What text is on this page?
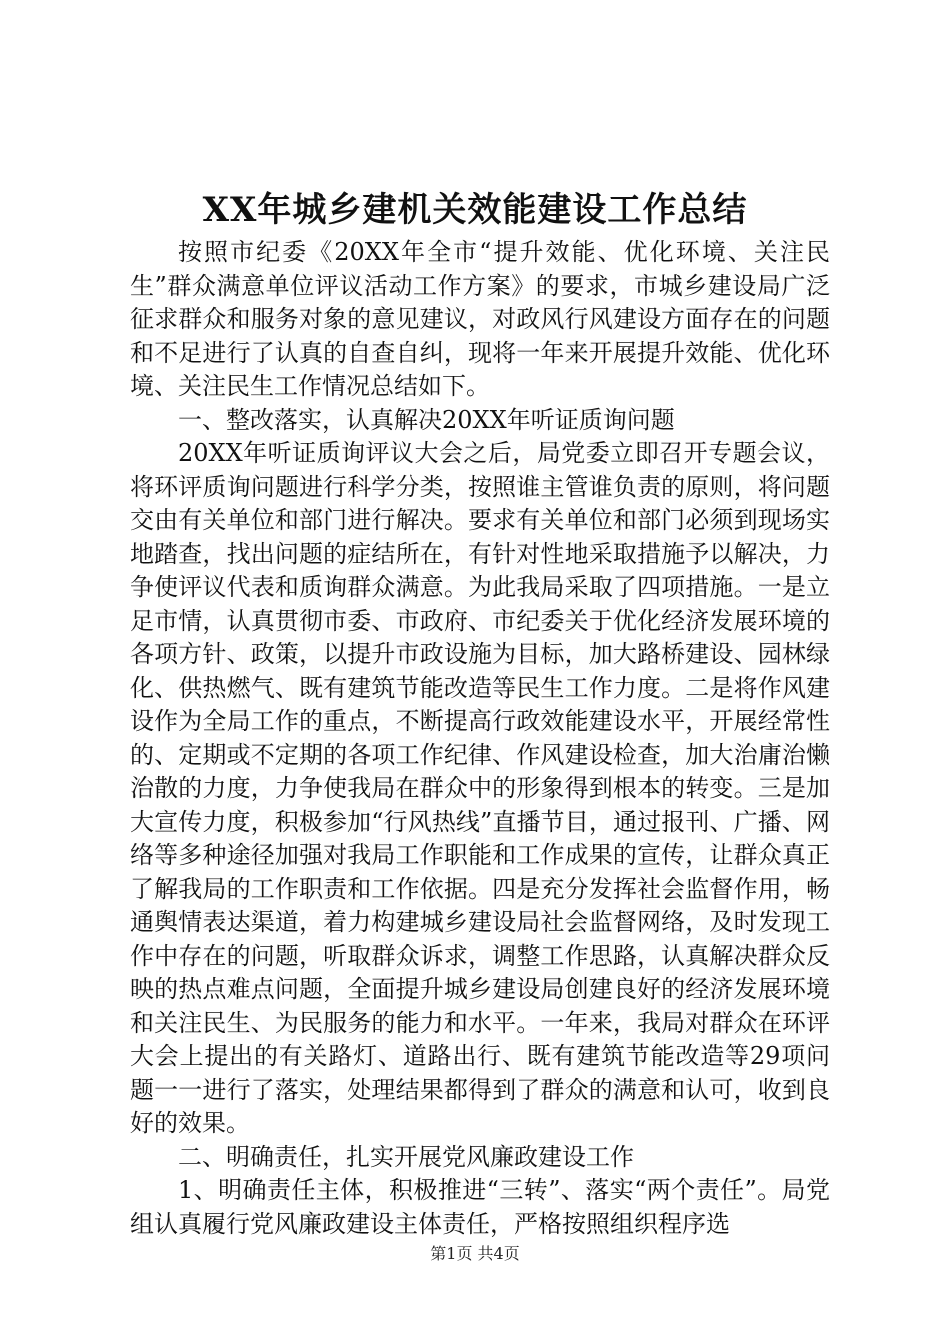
XX年城乡建机关效能建设工作总结

按照市纪委《20XX年全市“提升效能、优化环境、关注民生”群众满意单位评议活动工作方案》的要求，市城乡建设局广泛征求群众和服务对象的意见建议，对政风行风建设方面存在的问题和不足进行了认真的自查自纠，现将一年来开展提升效能、优化环境、关注民生工作情况总结如下。

一、整改落实，认真解决20XX年听证质询问题

20XX年听证质询评议大会之后，局党委立即召开专题会议，将环评质询问题进行科学分类，按照谁主管谁负责的原则，将问题交由有关单位和部门进行解决。要求有关单位和部门必须到现场实地踏查，找出问题的症结所在，有针对性地采取措施予以解决，力争使评议代表和质询群众满意。为此我局采取了四项措施。一是立足市情，认真贯彻市委、市政府、市纪委关于优化经济发展环境的各项方针、政策，以提升市政设施为目标，加大路桥建设、园林绿化、供热燃气、既有建筑节能改造等民生工作力度。二是将作风建设作为全局工作的重点，不断提高行政效能建设水平，开展经常性的、定期或不定期的各项工作纪律、作风建设检查，加大治庸治懒治散的力度，力争使我局在群众中的形象得到根本的转变。三是加大宣传力度，积极参加“行风热线”直播节目，通过报刊、广播、网络等多种途径加强对我局工作职能和工作成果的宣传，让群众真正了解我局的工作职责和工作依据。四是充分发挥社会监督作用，畅通舆情表达渠道，着力构建城乡建设局社会监督网络，及时发现工作中存在的问题，听取群众诉求，调整工作思路，认真解决群众反映的热点难点问题，全面提升城乡建设局创建良好的经济发展环境和关注民生、为民服务的能力和水平。一年来，我局对群众在环评大会上提出的有关路灯、道路出行、既有建筑节能改造等29项问题一一进行了落实，处理结果都得到了群众的满意和认可，收到良好的效果。

二、明确责任，扎实开展党风廉政建设工作

1、明确责任主体，积极推进“三转”、落实“两个责任”。局党组认真履行党风廉政建设主体责任，严格按照组织程序选

第1页 共4页
